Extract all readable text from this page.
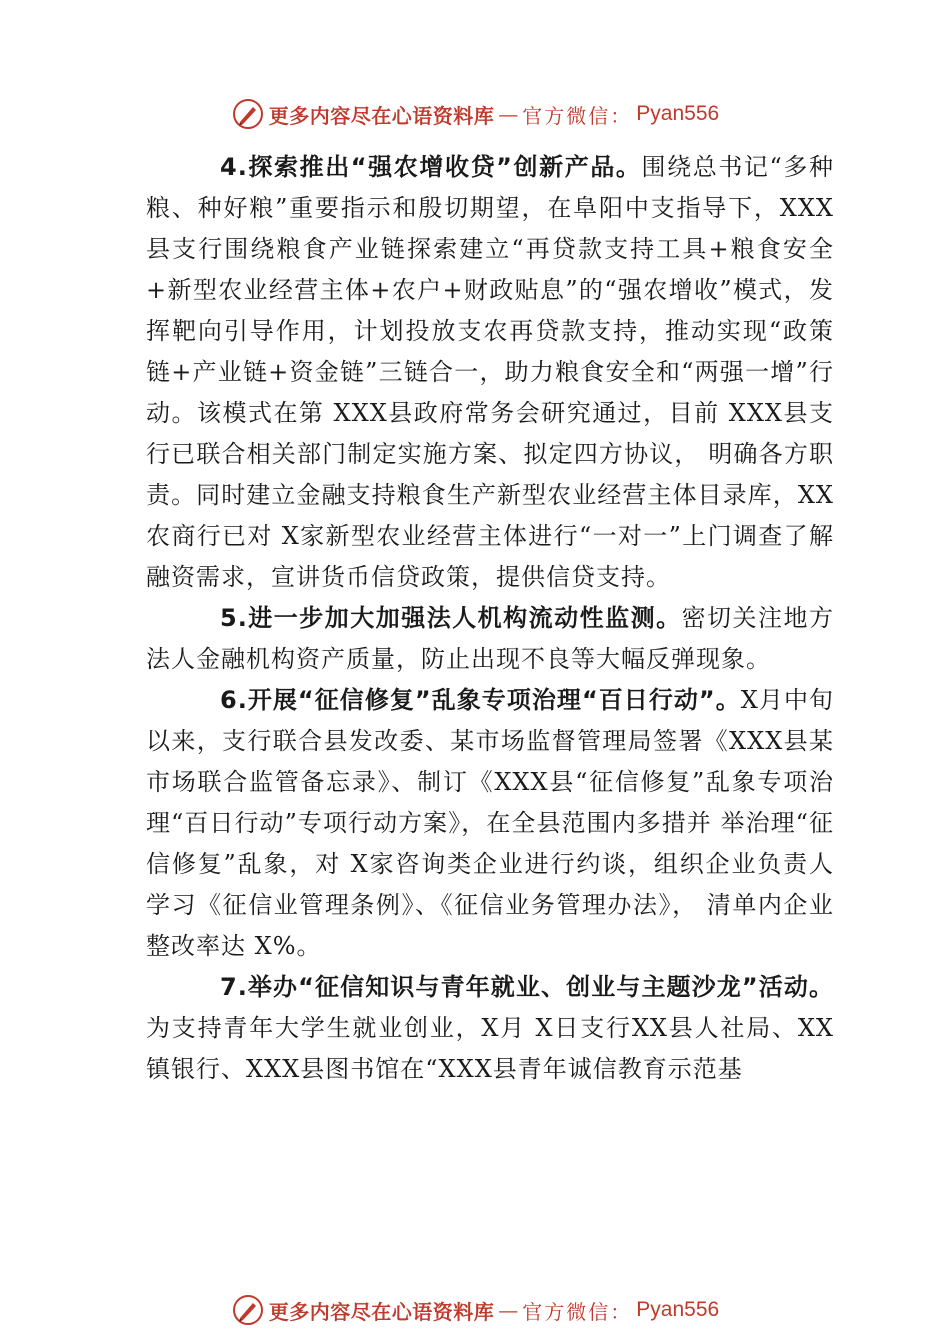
更多内容尽在心语资料库 — 官方微信： Pyan556

4.探索推出“强农增收贷”创新产品。围绕总书记“多种粮、种好粮”重要指示和殷切期望，在阜阳中支指导下，XXX县支行围绕粮食产业链探索建立“再贷款支持工具+粮食安全+新型农业经营主体+农户+财政贴息”的“强农增收”模式，发挥靶向引导作用，计划投放支农再贷款支持，推动实现“政策链+产业链+资金链”三链合一，助力粮食安全和“两强一增”行动。该模式在第 XXX县政府常务会研究通过，目前 XXX县支行已联合相关部门制定实施方案、拟定四方协议， 明确各方职责。同时建立金融支持粮食生产新型农业经营主体目录库，XX农商行已对 X家新型农业经营主体进行“一对一”上门调查了解融资需求，宣讲货币信贷政策，提供信贷支持。

5.进一步加大加强法人机构流动性监测。密切关注地方法人金融机构资产质量，防止出现不良等大幅反弹现象。

6.开展“征信修复”乱象专项治理“百日行动”。X月中旬以来，支行联合县发改委、某市场监督管理局签署《XXX县某市场联合监管备忘录》、制订《XXX县“征信修复”乱象专项治理“百日行动”专项行动方案》，在全县范围内多措并 举治理“征信修复”乱象，对 X家咨询类企业进行约谈，组织企业负责人学习《征信业管理条例》、《征信业务管理办法》， 清单内企业整改率达 X%。

7.举办“征信知识与青年就业、创业与主题沙龙”活动。为支持青年大学生就业创业，X月 X日支行XX县人社局、XX镇银行、XXX县图书馆在“XXX县青年诚信教育示范基

更多内容尽在心语资料库 — 官方微信： Pyan556
